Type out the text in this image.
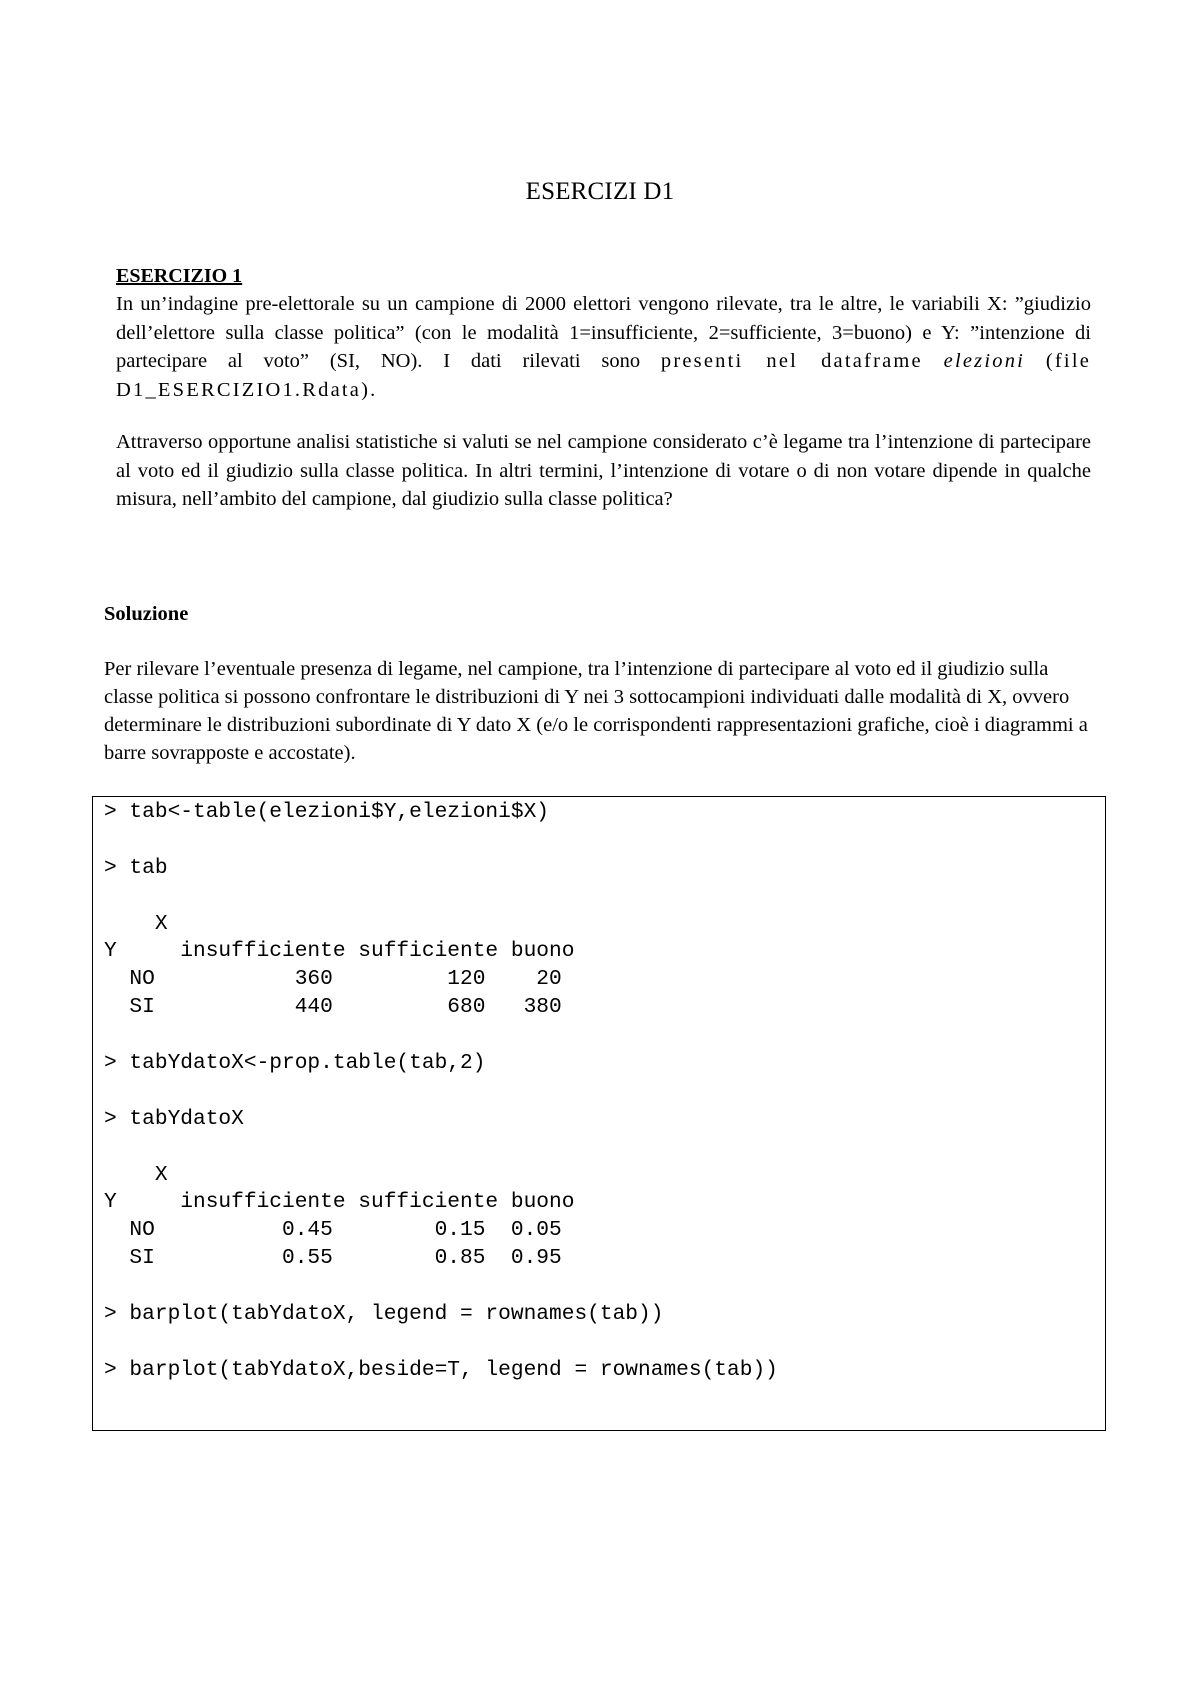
ESERCIZI D1
ESERCIZIO 1
In un’indagine pre-elettorale su un campione di 2000 elettori vengono rilevate, tra le altre, le variabili X: ”giudizio dell’elettore sulla classe politica” (con le modalità 1=insufficiente, 2=sufficiente, 3=buono) e Y: ”intenzione di partecipare al voto” (SI, NO). I dati rilevati sono presenti nel dataframe elezioni (file D1_ESERCIZIO1.Rdata).
Attraverso opportune analisi statistiche si valuti se nel campione considerato c’è legame tra l’intenzione di partecipare al voto ed il giudizio sulla classe politica. In altri termini, l’intenzione di votare o di non votare dipende in qualche misura, nell’ambito del campione, dal giudizio sulla classe politica?
Soluzione
Per rilevare l’eventuale presenza di legame, nel campione, tra l’intenzione di partecipare al voto ed il giudizio sulla classe politica si possono confrontare le distribuzioni di Y nei 3 sottocampioni individuati dalle modalità di X, ovvero determinare le distribuzioni subordinate di Y dato X (e/o le corrispondenti rappresentazioni grafiche, cioè i diagrammi a barre sovrapposte e accostate).
> tab<-table(elezioni$Y,elezioni$X)
> tab
X
Y     insufficiente sufficiente buono
NO           360         120    20
SI           440         680   380
> tabYdatoX<-prop.table(tab,2)
> tabYdatoX
X
Y     insufficiente sufficiente buono
NO          0.45        0.15  0.05
SI          0.55        0.85  0.95
> barplot(tabYdatoX, legend = rownames(tab))
> barplot(tabYdatoX,beside=T, legend = rownames(tab))
